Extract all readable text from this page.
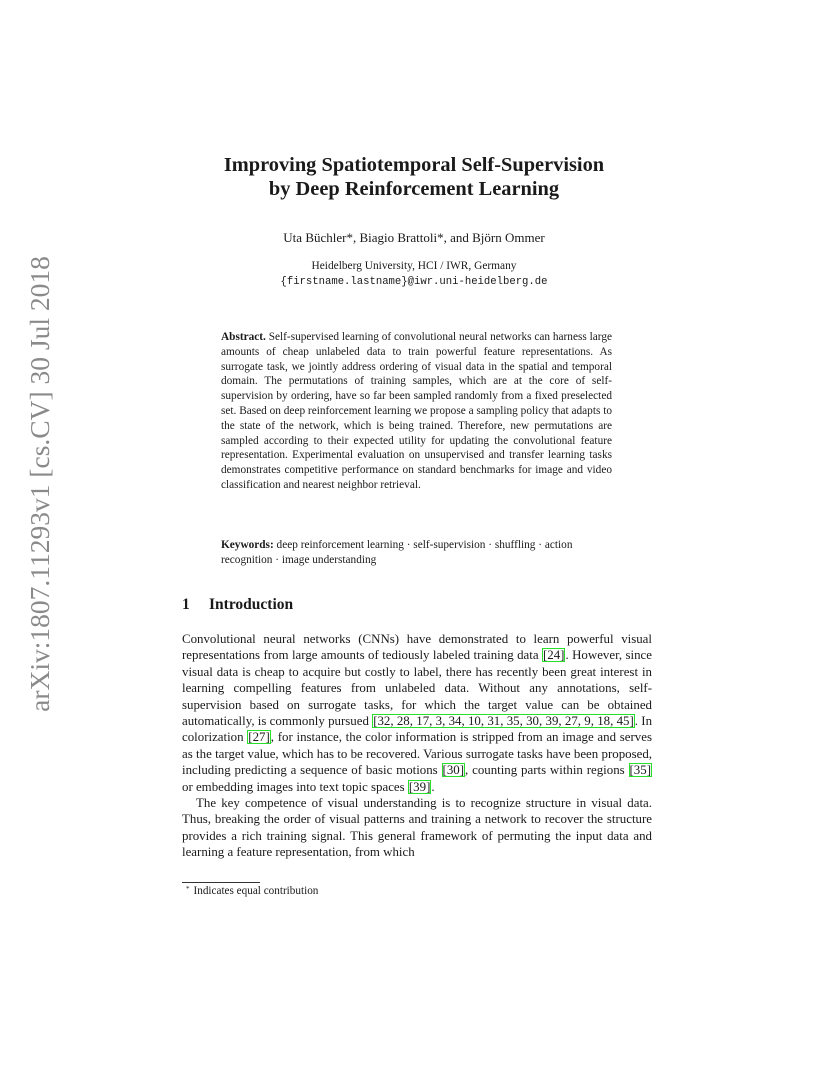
arXiv:1807.11293v1 [cs.CV] 30 Jul 2018
Improving Spatiotemporal Self-Supervision
by Deep Reinforcement Learning
Uta Büchler*, Biagio Brattoli*, and Björn Ommer
Heidelberg University, HCI / IWR, Germany
{firstname.lastname}@iwr.uni-heidelberg.de
Abstract. Self-supervised learning of convolutional neural networks can harness large amounts of cheap unlabeled data to train powerful feature representations. As surrogate task, we jointly address ordering of visual data in the spatial and temporal domain. The permutations of training samples, which are at the core of self-supervision by ordering, have so far been sampled randomly from a fixed preselected set. Based on deep reinforcement learning we propose a sampling policy that adapts to the state of the network, which is being trained. Therefore, new permutations are sampled according to their expected utility for updating the convolutional feature representation. Experimental evaluation on unsupervised and transfer learning tasks demonstrates competitive performance on standard benchmarks for image and video classification and nearest neighbor retrieval.
Keywords: deep reinforcement learning · self-supervision · shuffling · action recognition · image understanding
1 Introduction

Convolutional neural networks (CNNs) have demonstrated to learn powerful visual representations from large amounts of tediously labeled training data [24]. However, since visual data is cheap to acquire but costly to label, there has recently been great interest in learning compelling features from unlabeled data. Without any annotations, self-supervision based on surrogate tasks, for which the target value can be obtained automatically, is commonly pursued [32, 28, 17, 3, 34, 10, 31, 35, 30, 39, 27, 9, 18, 45]. In colorization [27], for instance, the color information is stripped from an image and serves as the target value, which has to be recovered. Various surrogate tasks have been proposed, including predicting a sequence of basic motions [30], counting parts within regions [35] or embedding images into text topic spaces [39].

The key competence of visual understanding is to recognize structure in visual data. Thus, breaking the order of visual patterns and training a network to recover the structure provides a rich training signal. This general framework of permuting the input data and learning a feature representation, from which

* Indicates equal contribution
